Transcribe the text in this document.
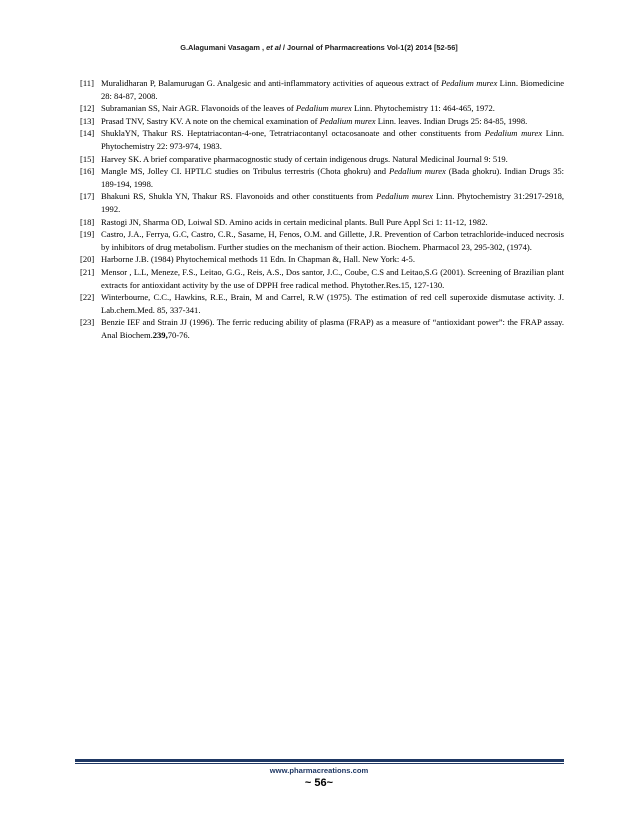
G.Alagumani Vasagam , et al / Journal of Pharmacreations Vol-1(2) 2014 [52-56]
[11] Muralidharan P, Balamurugan G. Analgesic and anti-inflammatory activities of aqueous extract of Pedalium murex Linn. Biomedicine 28: 84-87, 2008.
[12] Subramanian SS, Nair AGR. Flavonoids of the leaves of Pedalium murex Linn. Phytochemistry 11: 464-465, 1972.
[13] Prasad TNV, Sastry KV. A note on the chemical examination of Pedalium murex Linn. leaves. Indian Drugs 25: 84-85, 1998.
[14] ShuklaYN, Thakur RS. Heptatriacontan-4-one, Tetratriacontanyl octacosanoate and other constituents from Pedalium murex Linn. Phytochemistry 22: 973-974, 1983.
[15] Harvey SK. A brief comparative pharmacognostic study of certain indigenous drugs. Natural Medicinal Journal 9: 519.
[16] Mangle MS, Jolley CI. HPTLC studies on Tribulus terrestris (Chota ghokru) and Pedalium murex (Bada ghokru). Indian Drugs 35: 189-194, 1998.
[17] Bhakuni RS, Shukla YN, Thakur RS. Flavonoids and other constituents from Pedalium murex Linn. Phytochemistry 31:2917-2918, 1992.
[18] Rastogi JN, Sharma OD, Loiwal SD. Amino acids in certain medicinal plants. Bull Pure Appl Sci 1: 11-12, 1982.
[19] Castro, J.A., Ferrya, G.C, Castro, C.R., Sasame, H, Fenos, O.M. and Gillette, J.R. Prevention of Carbon tetrachloride-induced necrosis by inhibitors of drug metabolism. Further studies on the mechanism of their action. Biochem. Pharmacol 23, 295-302, (1974).
[20] Harborne J.B. (1984) Phytochemical methods 11 Edn. In Chapman &, Hall. New York: 4-5.
[21] Mensor , L.L, Meneze, F.S., Leitao, G.G., Reis, A.S., Dos santor, J.C., Coube, C.S and Leitao,S.G (2001). Screening of Brazilian plant extracts for antioxidant activity by the use of DPPH free radical method. Phytother.Res.15, 127-130.
[22] Winterbourne, C.C., Hawkins, R.E., Brain, M and Carrel, R.W (1975). The estimation of red cell superoxide dismutase activity. J. Lab.chem.Med. 85, 337-341.
[23] Benzie IEF and Strain JJ (1996). The ferric reducing ability of plasma (FRAP) as a measure of “antioxidant power”: the FRAP assay. Anal Biochem.239,70-76.
www.pharmacreations.com
~ 56~
